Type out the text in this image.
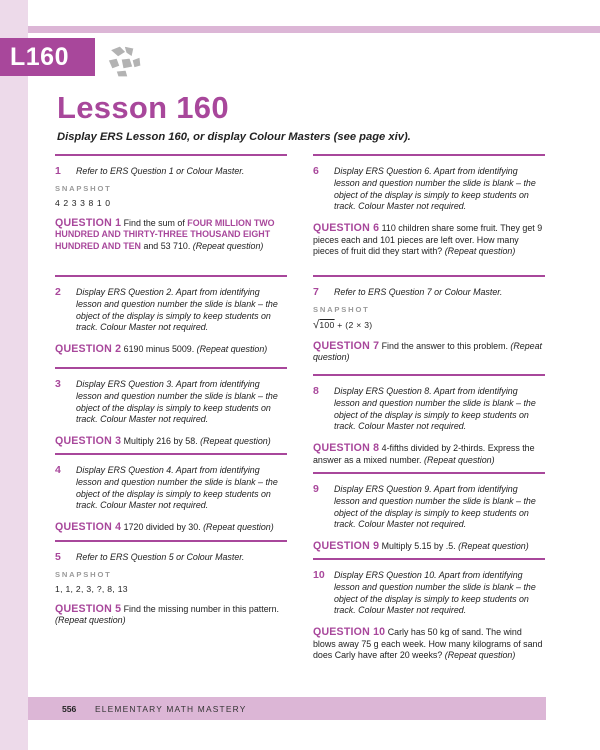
L160
Lesson 160
Display ERS Lesson 160, or display Colour Masters (see page xiv).
1	Refer to ERS Question 1 or Colour Master.
SNAPSHOT
4 2 3 3 8 1 0
QUESTION 1 Find the sum of FOUR MILLION TWO HUNDRED AND THIRTY-THREE THOUSAND EIGHT HUNDRED AND TEN and 53 710. (Repeat question)
2	Display ERS Question 2. Apart from identifying lesson and question number the slide is blank – the object of the display is simply to keep students on track. Colour Master not required.
QUESTION 2 6190 minus 5009. (Repeat question)
3	Display ERS Question 3. Apart from identifying lesson and question number the slide is blank – the object of the display is simply to keep students on track. Colour Master not required.
QUESTION 3 Multiply 216 by 58. (Repeat question)
4	Display ERS Question 4. Apart from identifying lesson and question number the slide is blank – the object of the display is simply to keep students on track. Colour Master not required.
QUESTION 4 1720 divided by 30. (Repeat question)
5	Refer to ERS Question 5 or Colour Master.
SNAPSHOT
1, 1, 2, 3, ?, 8, 13
QUESTION 5 Find the missing number in this pattern. (Repeat question)
6	Display ERS Question 6. Apart from identifying lesson and question number the slide is blank – the object of the display is simply to keep students on track. Colour Master not required.
QUESTION 6 110 children share some fruit. They get 9 pieces each and 101 pieces are left over. How many pieces of fruit did they start with? (Repeat question)
7	Refer to ERS Question 7 or Colour Master.
SNAPSHOT
√100 + (2 × 3)
QUESTION 7 Find the answer to this problem. (Repeat question)
8	Display ERS Question 8. Apart from identifying lesson and question number the slide is blank – the object of the display is simply to keep students on track. Colour Master not required.
QUESTION 8 4-fifths divided by 2-thirds. Express the answer as a mixed number. (Repeat question)
9	Display ERS Question 9. Apart from identifying lesson and question number the slide is blank – the object of the display is simply to keep students on track. Colour Master not required.
QUESTION 9 Multiply 5.15 by .5. (Repeat question)
10	Display ERS Question 10. Apart from identifying lesson and question number the slide is blank – the object of the display is simply to keep students on track. Colour Master not required.
QUESTION 10 Carly has 50 kg of sand. The wind blows away 75 g each week. How many kilograms of sand does Carly have after 20 weeks? (Repeat question)
556 ELEMENTARY MATH MASTERY
